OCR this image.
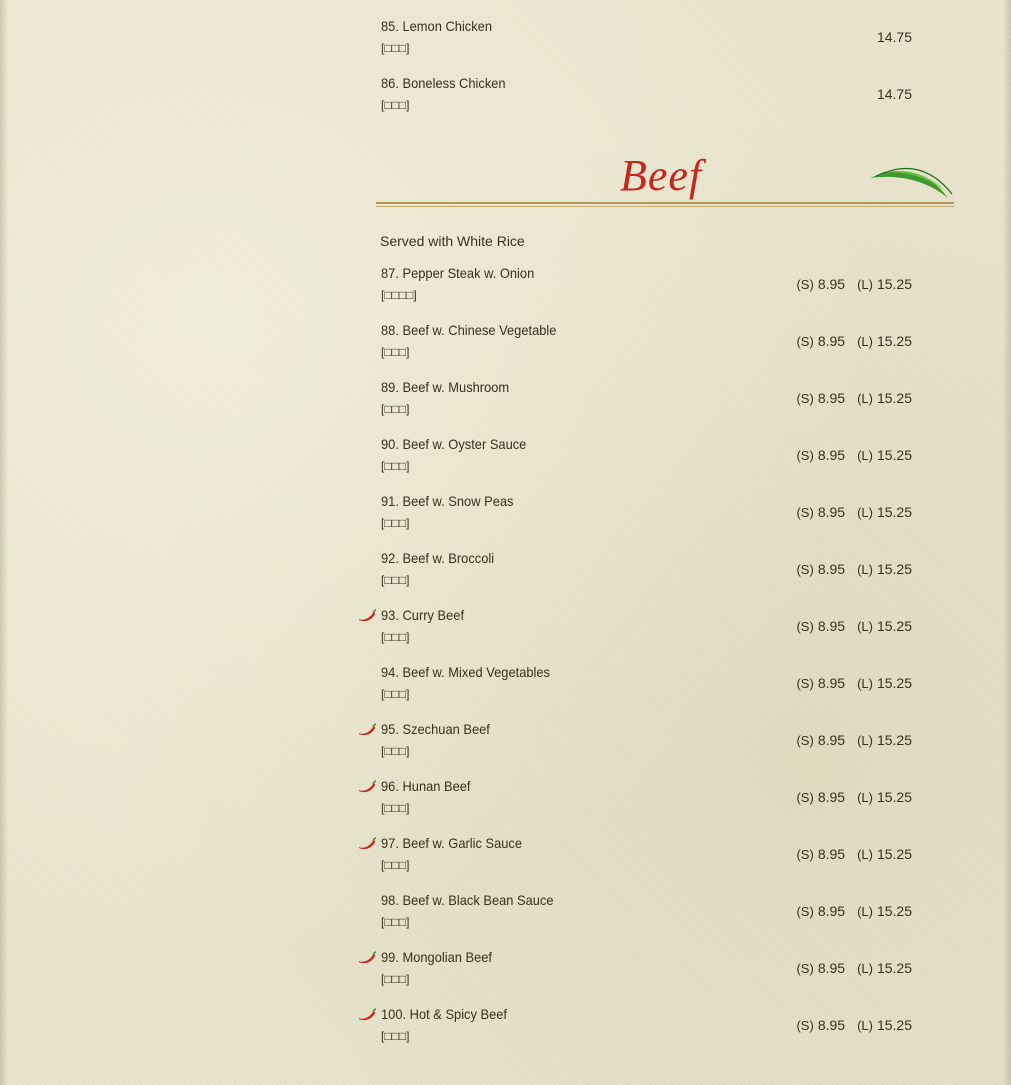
85. Lemon Chicken
[□□□]
14.75
86. Boneless Chicken
[□□□]
14.75
Beef
Served with White Rice
87. Pepper Steak w. Onion
[□□□□]
(S) 8.95 (L) 15.25
88. Beef w. Chinese Vegetable
[□□□]
(S) 8.95 (L) 15.25
89. Beef w. Mushroom
[□□□]
(S) 8.95 (L) 15.25
90. Beef w. Oyster Sauce
[□□□]
(S) 8.95 (L) 15.25
91. Beef w. Snow Peas
[□□□]
(S) 8.95 (L) 15.25
92. Beef w. Broccoli
[□□□]
(S) 8.95 (L) 15.25
93. Curry Beef
[□□□]
(S) 8.95 (L) 15.25
94. Beef w. Mixed Vegetables
[□□□]
(S) 8.95 (L) 15.25
95. Szechuan Beef
[□□□]
(S) 8.95 (L) 15.25
96. Hunan Beef
[□□□]
(S) 8.95 (L) 15.25
97. Beef w. Garlic Sauce
[□□□]
(S) 8.95 (L) 15.25
98. Beef w. Black Bean Sauce
[□□□]
(S) 8.95 (L) 15.25
99. Mongolian Beef
[□□□]
(S) 8.95 (L) 15.25
100. Hot & Spicy Beef
[□□□]
(S) 8.95 (L) 15.25
